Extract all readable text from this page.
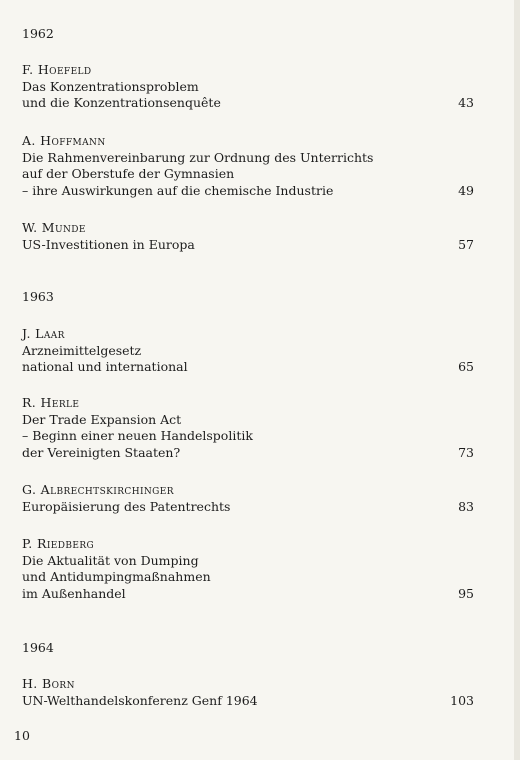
1962
F. Hoefeld
Das Konzentrationsproblem
und die Konzentrationsenquête	43
A. Hoffmann
Die Rahmenvereinbarung zur Ordnung des Unterrichts
auf der Oberstufe der Gymnasien
– ihre Auswirkungen auf die chemische Industrie	49
W. Munde
US-Investitionen in Europa	57
1963
J. Laar
Arzneimittelgesetz
national und international	65
R. Herle
Der Trade Expansion Act
– Beginn einer neuen Handelspolitik
der Vereinigten Staaten?	73
G. Albrechtskirchinger
Europäisierung des Patentrechts	83
P. Riedberg
Die Aktualität von Dumping
und Antidumpingmaßnahmen
im Außenhandel	95
1964
H. Born
UN-Welthandelskonferenz Genf 1964	103
10
